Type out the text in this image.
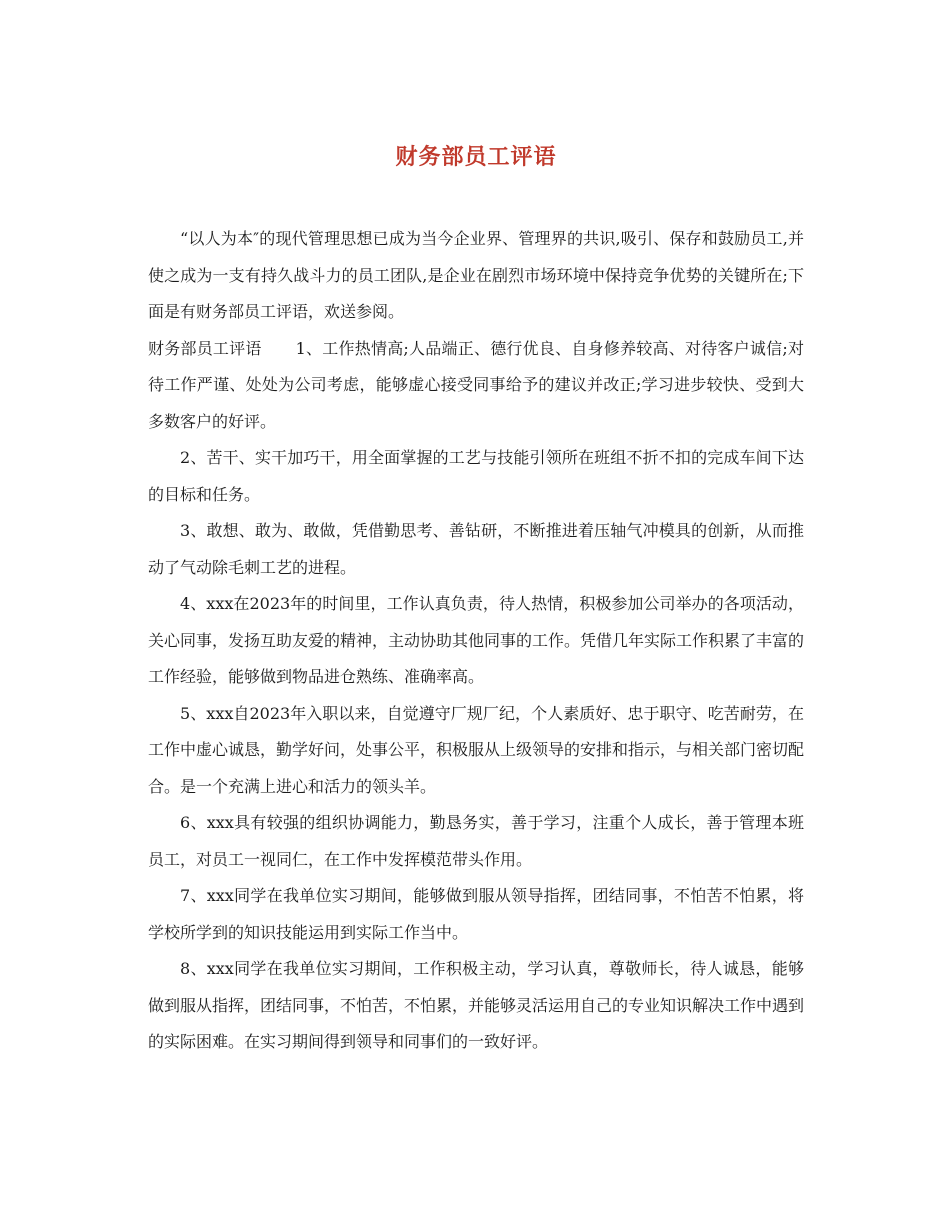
财务部员工评语

“以人为本″的现代管理思想已成为当今企业界、管理界的共识,吸引、保存和鼓励员工,并使之成为一支有持久战斗力的员工团队,是企业在剧烈市场环境中保持竞争优势的关键所在;下面是有财务部员工评语，欢送参阅。

财务部员工评语 1、工作热情高;人品端正、德行优良、自身修养较高、对待客户诚信;对待工作严谨、处处为公司考虑，能够虚心接受同事给予的建议并改正;学习进步较快、受到大多数客户的好评。

2、苦干、实干加巧干，用全面掌握的工艺与技能引领所在班组不折不扣的完成车间下达的目标和任务。

3、敢想、敢为、敢做，凭借勤思考、善钻研，不断推进着压轴气冲模具的创新，从而推动了气动除毛刺工艺的进程。

4、xxx在2023年的时间里，工作认真负责，待人热情，积极参加公司举办的各项活动，关心同事，发扬互助友爱的精神，主动协助其他同事的工作。凭借几年实际工作积累了丰富的工作经验，能够做到物品进仓熟练、准确率高。

5、xxx自2023年入职以来，自觉遵守厂规厂纪，个人素质好、忠于职守、吃苦耐劳，在工作中虚心诚恳，勤学好问，处事公平，积极服从上级领导的安排和指示，与相关部门密切配合。是一个充满上进心和活力的领头羊。

6、xxx具有较强的组织协调能力，勤恳务实，善于学习，注重个人成长，善于管理本班员工，对员工一视同仁，在工作中发挥模范带头作用。

7、xxx同学在我单位实习期间，能够做到服从领导指挥，团结同事，不怕苦不怕累，将学校所学到的知识技能运用到实际工作当中。

8、xxx同学在我单位实习期间，工作积极主动，学习认真，尊敬师长，待人诚恳，能够做到服从指挥，团结同事，不怕苦，不怕累，并能够灵活运用自己的专业知识解决工作中遇到的实际困难。在实习期间得到领导和同事们的一致好评。
